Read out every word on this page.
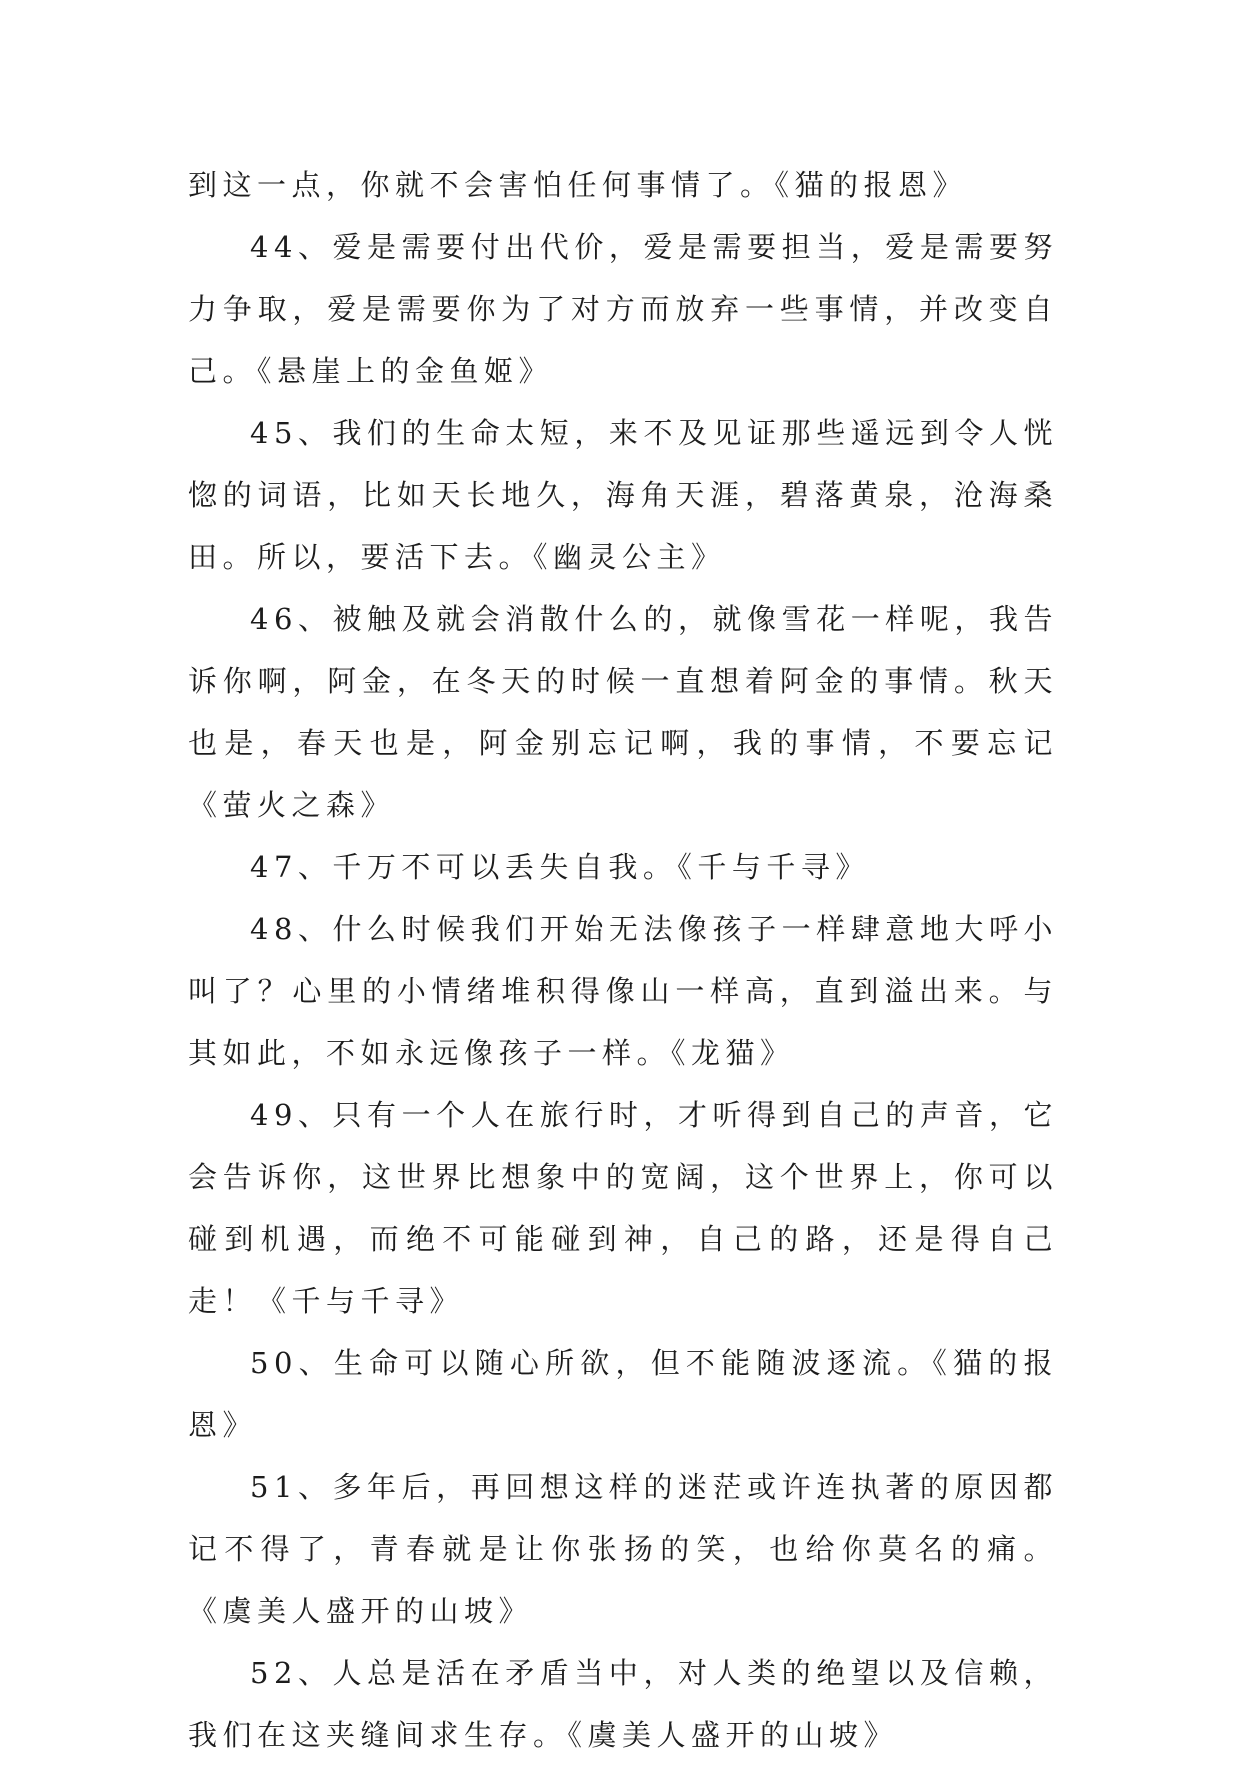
到这一点，你就不会害怕任何事情了。《猫的报恩》

44、爱是需要付出代价，爱是需要担当，爱是需要努力争取，爱是需要你为了对方而放弃一些事情，并改变自己。《悬崖上的金鱼姬》

45、我们的生命太短，来不及见证那些遥远到令人恍惚的词语，比如天长地久，海角天涯，碧落黄泉，沧海桑田。所以，要活下去。《幽灵公主》

46、被触及就会消散什么的，就像雪花一样呢，我告诉你啊，阿金，在冬天的时候一直想着阿金的事情。秋天也是，春天也是，阿金别忘记啊，我的事情，不要忘记《萤火之森》

47、千万不可以丢失自我。《千与千寻》

48、什么时候我们开始无法像孩子一样肆意地大呼小叫了？心里的小情绪堆积得像山一样高，直到溢出来。与其如此，不如永远像孩子一样。《龙猫》

49、只有一个人在旅行时，才听得到自己的声音，它会告诉你，这世界比想象中的宽阔，这个世界上，你可以碰到机遇，而绝不可能碰到神，自己的路，还是得自己走！《千与千寻》

50、生命可以随心所欲，但不能随波逐流。《猫的报恩》

51、多年后，再回想这样的迷茫或许连执著的原因都记不得了，青春就是让你张扬的笑，也给你莫名的痛。《虞美人盛开的山坡》

52、人总是活在矛盾当中，对人类的绝望以及信赖，我们在这夹缝间求生存。《虞美人盛开的山坡》
